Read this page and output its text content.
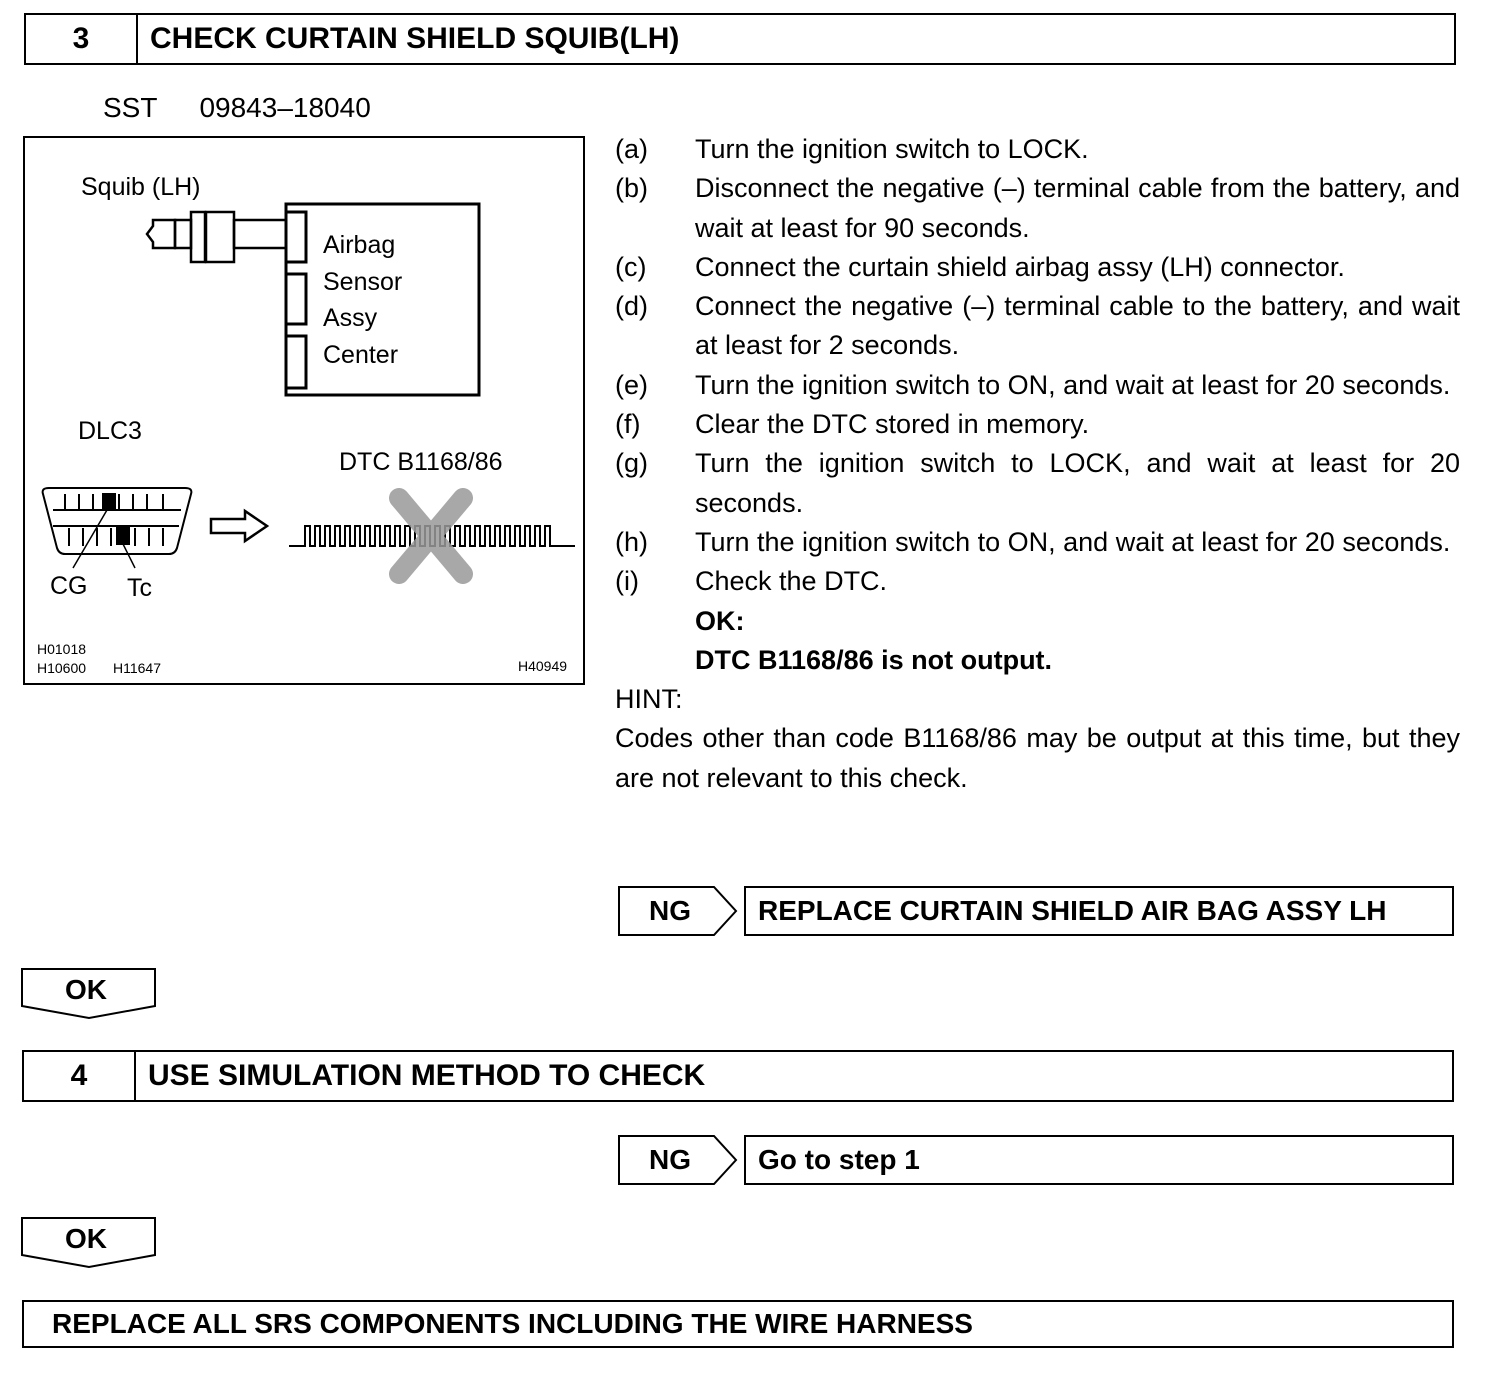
3	CHECK CURTAIN SHIELD SQUIB(LH)
SST 09843–18040
Squib (LH)
Airbag
Sensor
Assy
Center
DLC3
CG Tc
DTC B1168/86
H01018
H10600 H11647	H40949
(a)	Turn the ignition switch to LOCK.
(b)	Disconnect the negative (–) terminal cable from the battery, and wait at least for 90 seconds.
(c)	Connect the curtain shield airbag assy (LH) connector.
(d)	Connect the negative (–) terminal cable to the battery, and wait at least for 2 seconds.
(e)	Turn the ignition switch to ON, and wait at least for 20 seconds.
(f)	Clear the DTC stored in memory.
(g)	Turn the ignition switch to LOCK, and wait at least for 20 seconds.
(h)	Turn the ignition switch to ON, and wait at least for 20 seconds.
(i)	Check the DTC.
OK:
DTC B1168/86 is not output.
HINT:
Codes other than code B1168/86 may be output at this time, but they are not relevant to this check.
NG	REPLACE CURTAIN SHIELD AIR BAG ASSY LH
OK
4	USE SIMULATION METHOD TO CHECK
NG	Go to step 1
OK
REPLACE ALL SRS COMPONENTS INCLUDING THE WIRE HARNESS
